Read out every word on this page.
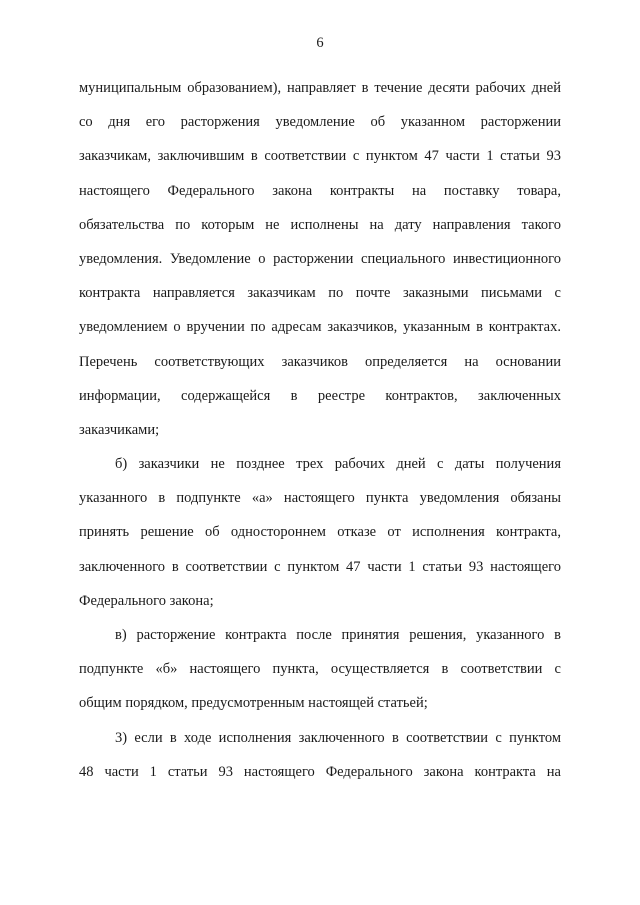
6
муниципальным образованием), направляет в течение десяти рабочих дней
со дня его расторжения уведомление об указанном расторжении
заказчикам, заключившим в соответствии с пунктом 47 части 1 статьи 93
настоящего Федерального закона контракты на поставку товара,
обязательства по которым не исполнены на дату направления такого
уведомления. Уведомление о расторжении специального инвестиционного
контракта направляется заказчикам по почте заказными письмами с
уведомлением о вручении по адресам заказчиков, указанным в контрактах.
Перечень соответствующих заказчиков определяется на основании
информации, содержащейся в реестре контрактов, заключенных
заказчиками;
б) заказчики не позднее трех рабочих дней с даты получения
указанного в подпункте «а» настоящего пункта уведомления обязаны
принять решение об одностороннем отказе от исполнения контракта,
заключенного в соответствии с пунктом 47 части 1 статьи 93 настоящего
Федерального закона;
в) расторжение контракта после принятия решения, указанного в
подпункте «б» настоящего пункта, осуществляется в соответствии с
общим порядком, предусмотренным настоящей статьей;
3) если в ходе исполнения заключенного в соответствии с пунктом
48 части 1 статьи 93 настоящего Федерального закона контракта на
